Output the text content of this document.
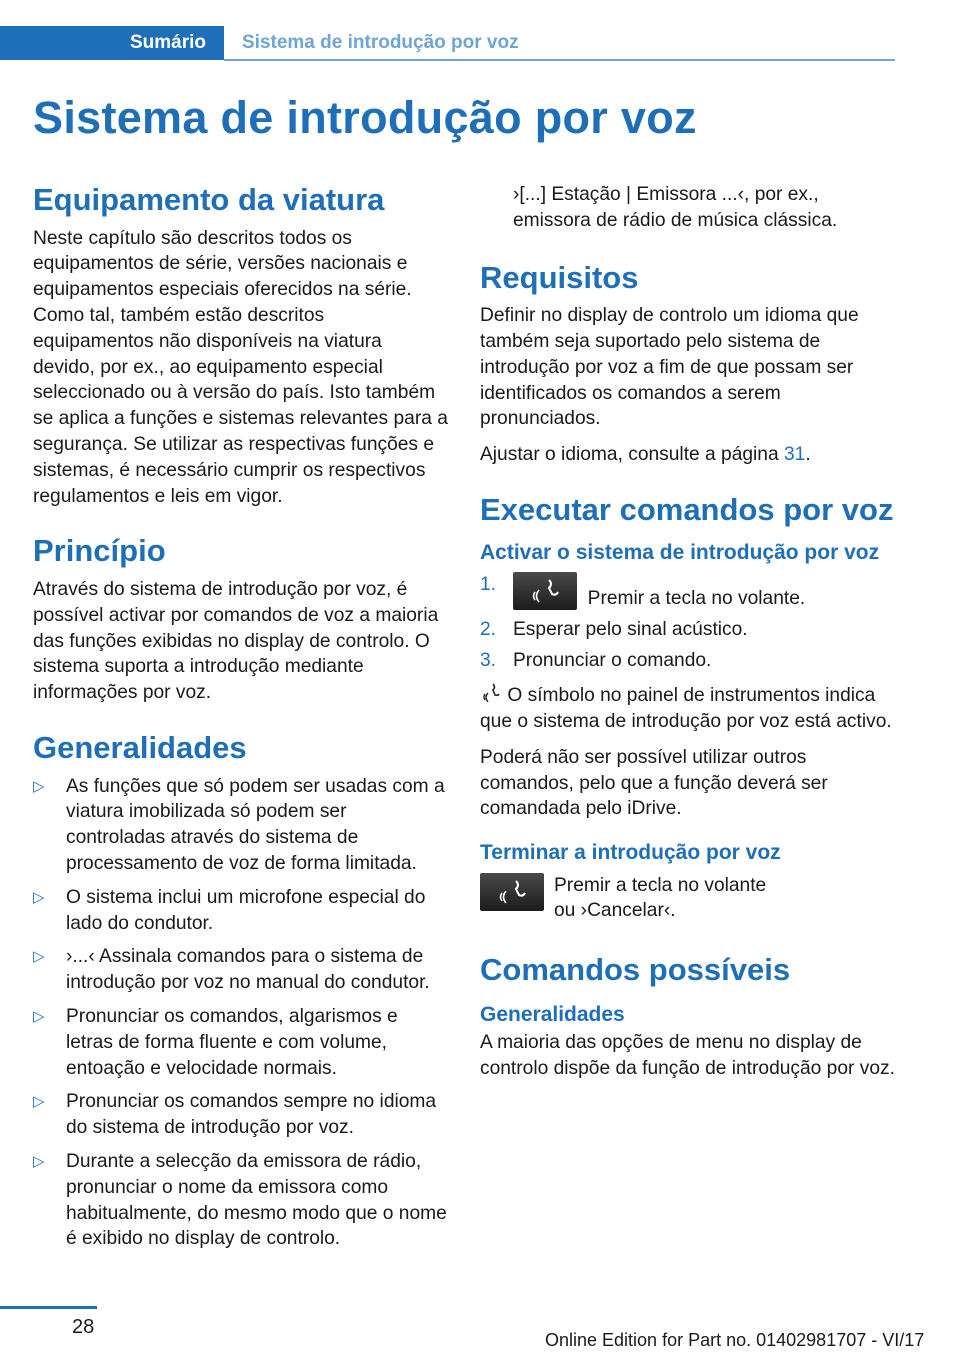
Sumário	Sistema de introdução por voz
Sistema de introdução por voz
Equipamento da viatura

Neste capítulo são descritos todos os equipamentos de série, versões nacionais e equipamentos especiais oferecidos na série. Como tal, também estão descritos equipamentos não disponíveis na viatura devido, por ex., ao equipamento especial seleccionado ou à versão do país. Isto também se aplica a funções e sistemas relevantes para a segurança. Se utilizar as respectivas funções e sistemas, é necessário cumprir os respectivos regulamentos e leis em vigor.

Princípio

Através do sistema de introdução por voz, é possível activar por comandos de voz a maioria das funções exibidas no display de controlo. O sistema suporta a introdução mediante informações por voz.

Generalidades
▷ As funções que só podem ser usadas com a viatura imobilizada só podem ser controladas através do sistema de processamento de voz de forma limitada.
▷ O sistema inclui um microfone especial do lado do condutor.
▷ ›...‹ Assinala comandos para o sistema de introdução por voz no manual do condutor.
▷ Pronunciar os comandos, algarismos e letras de forma fluente e com volume, entoação e velocidade normais.
▷ Pronunciar os comandos sempre no idioma do sistema de introdução por voz.
▷ Durante a selecção da emissora de rádio, pronunciar o nome da emissora como habitualmente, do mesmo modo que o nome é exibido no display de controlo.

›[...] Estação | Emissora ...‹, por ex., emissora de rádio de música clássica.

Requisitos

Definir no display de controlo um idioma que também seja suportado pelo sistema de introdução por voz a fim de que possam ser identificados os comandos a serem pronunciados.

Ajustar o idioma, consulte a página 31.

Executar comandos por voz
Activar o sistema de introdução por voz
1.
Premir a tecla no volante.
2. Esperar pelo sinal acústico.
3. Pronunciar o comando.

O símbolo no painel de instrumentos indica que o sistema de introdução por voz está activo.

Poderá não ser possível utilizar outros comandos, pelo que a função deverá ser comandada pelo iDrive.

Terminar a introdução por voz

Premir a tecla no volante
ou ›Cancelar‹.

Comandos possíveis
Generalidades

A maioria das opções de menu no display de controlo dispõe da função de introdução por voz.

28
Online Edition for Part no. 01402981707 - VI/17
